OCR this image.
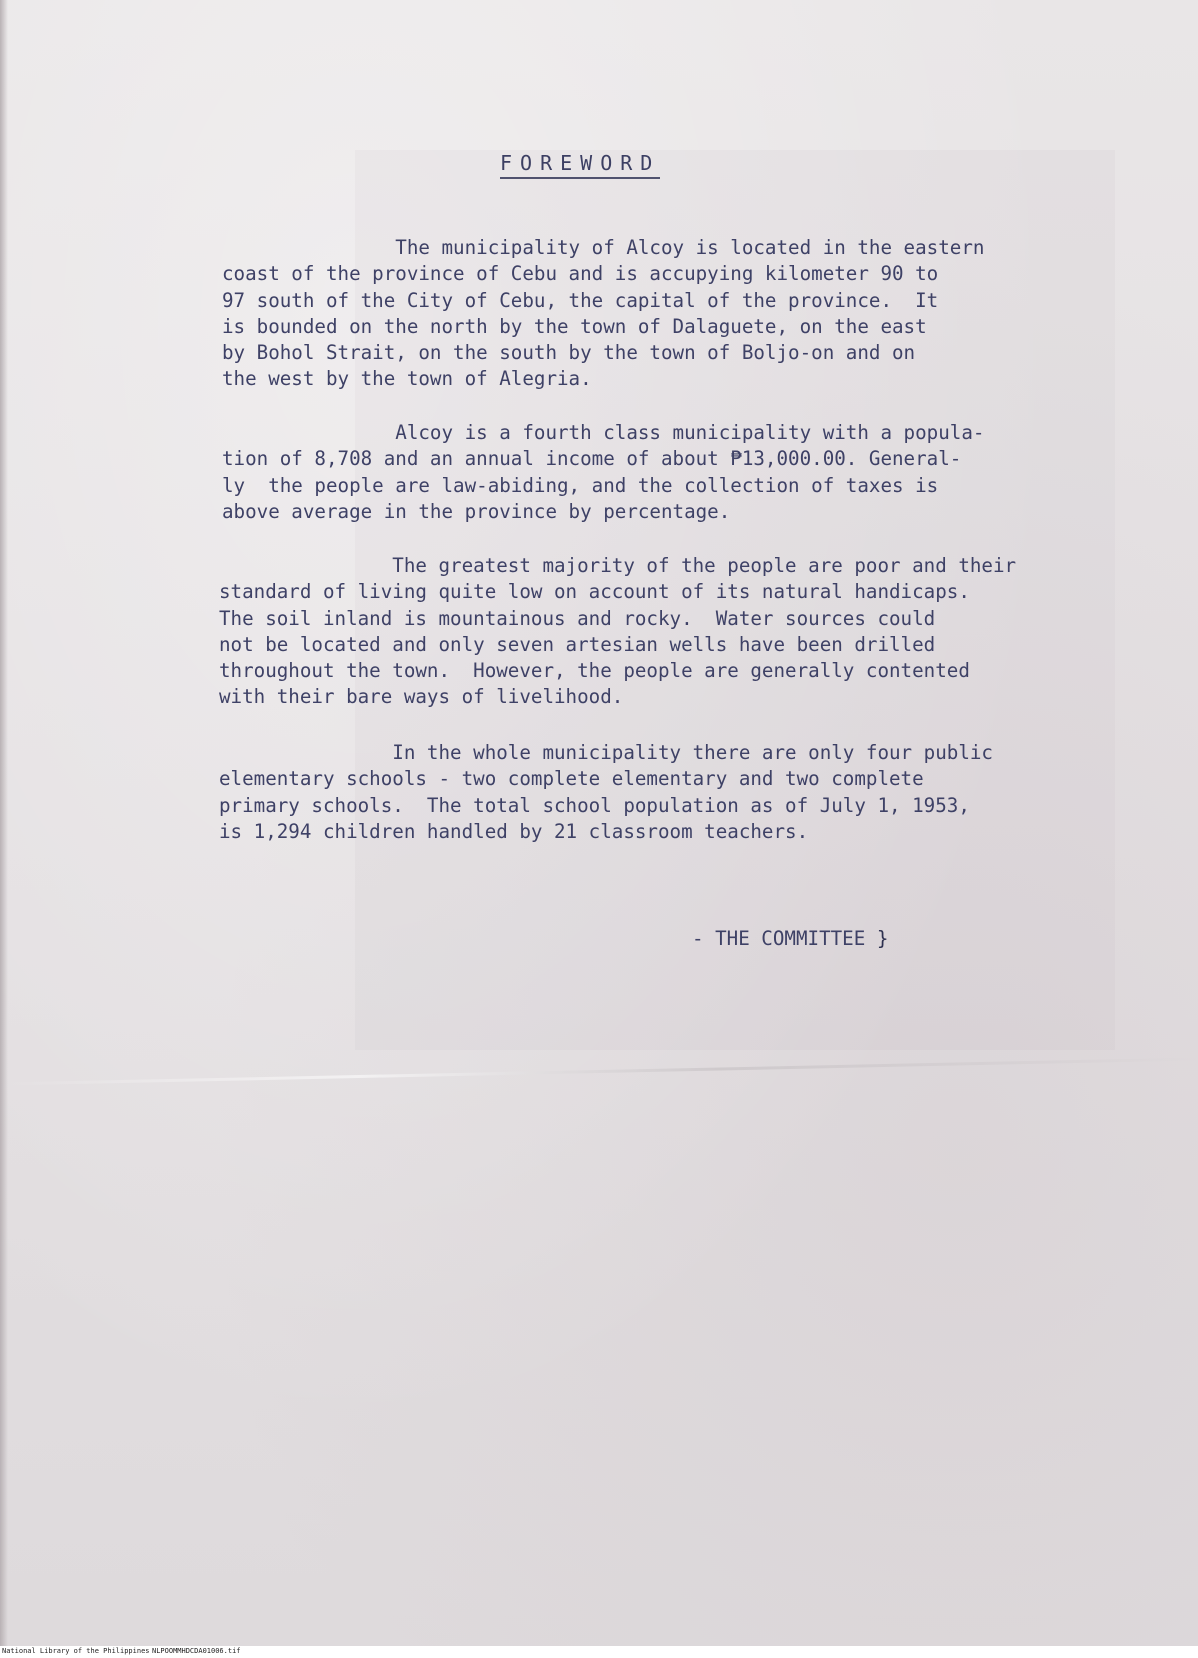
FOREWORD

The municipality of Alcoy is located in the eastern
coast of the province of Cebu and is accupying kilometer 90 to
97 south of the City of Cebu, the capital of the province.  It
is bounded on the north by the town of Dalaguete, on the east
by Bohol Strait, on the south by the town of Boljo-on and on
the west by the town of Alegria.

Alcoy is a fourth class municipality with a popula-
tion of 8,708 and an annual income of about ₱13,000.00. General-
ly  the people are law-abiding, and the collection of taxes is
above average in the province by percentage.

The greatest majority of the people are poor and their
standard of living quite low on account of its natural handicaps.
The soil inland is mountainous and rocky.  Water sources could
not be located and only seven artesian wells have been drilled
throughout the town.  However, the people are generally contented
with their bare ways of livelihood.

In the whole municipality there are only four public
elementary schools - two complete elementary and two complete
primary schools.  The total school population as of July 1, 1953,
is 1,294 children handled by 21 classroom teachers.

- THE COMMITTEE }

National Library of the Philippines NLPOOMMHDCDA01006.tif
